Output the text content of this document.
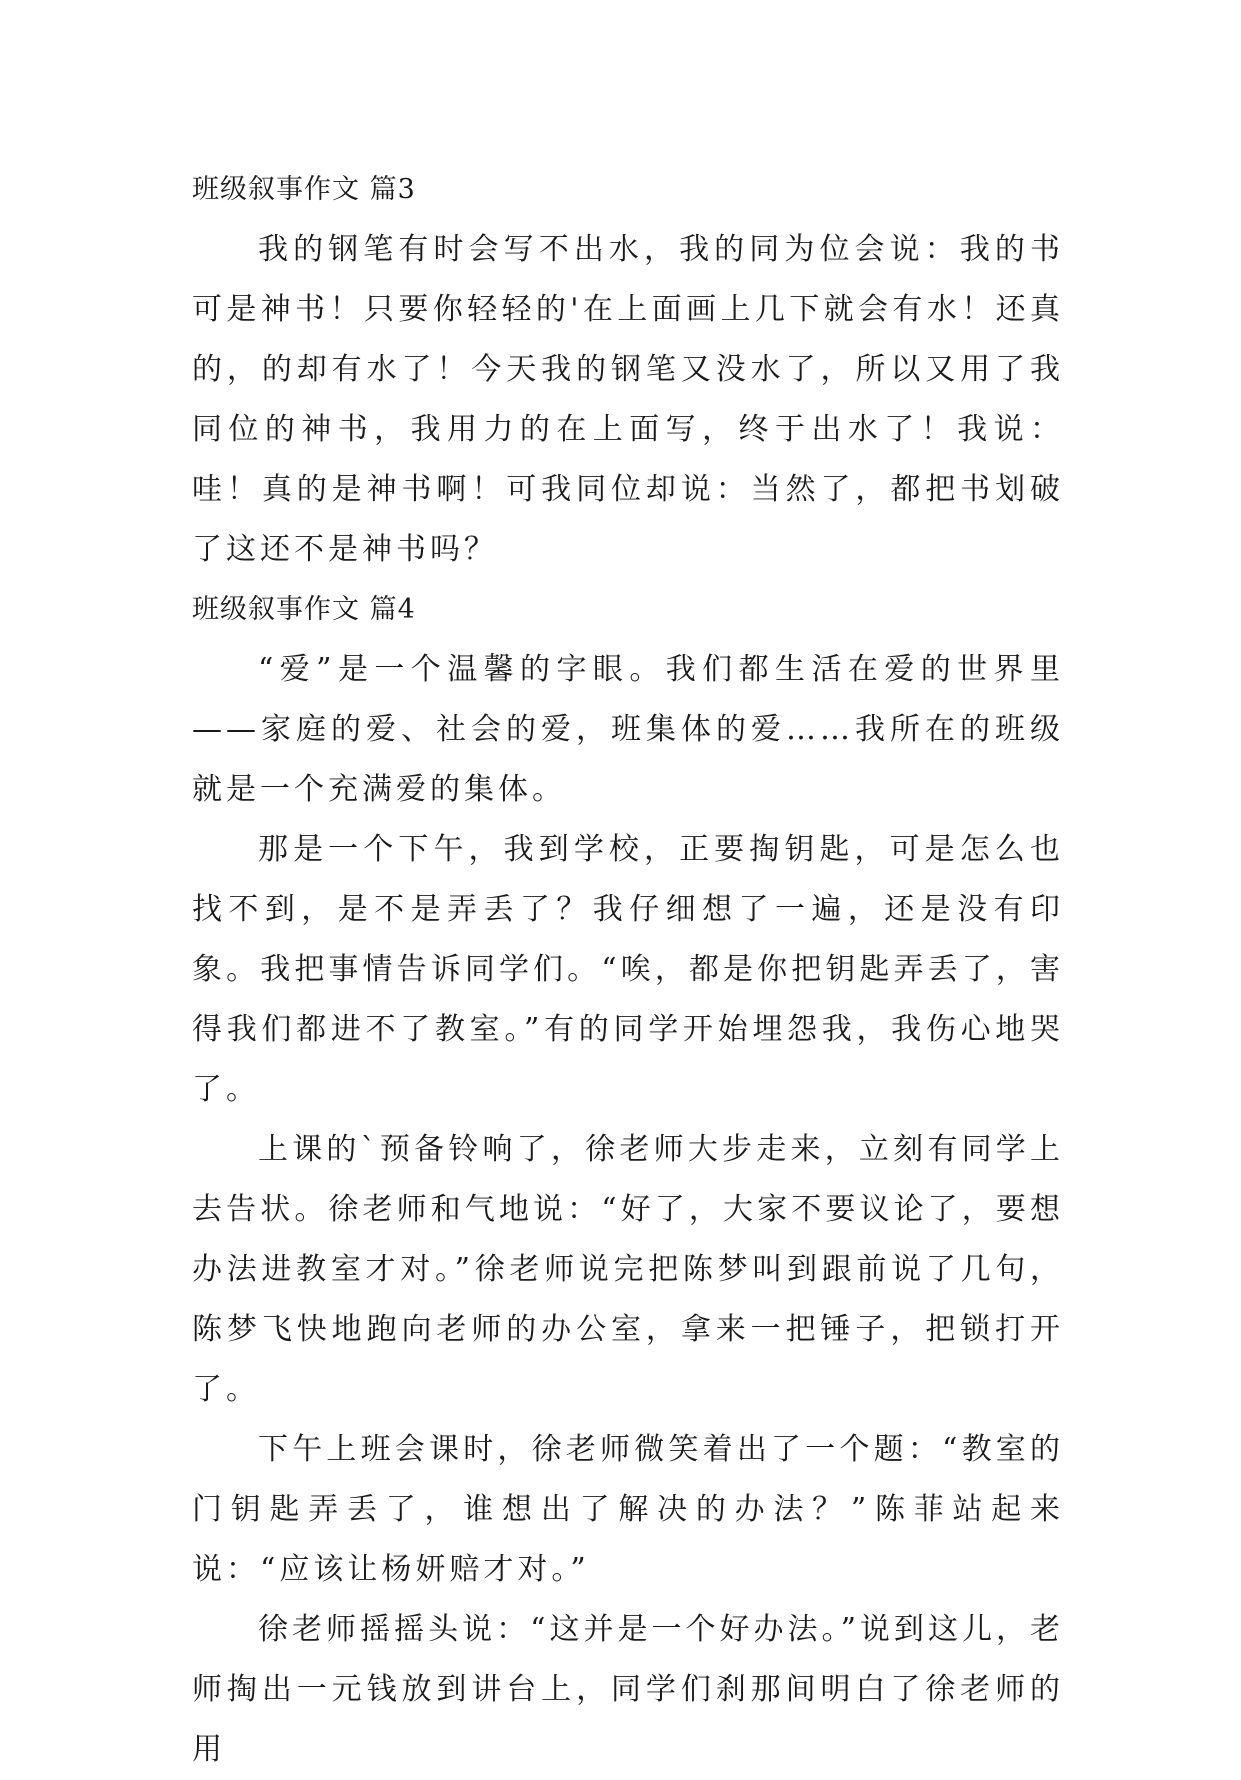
班级叙事作文 篇3

我的钢笔有时会写不出水，我的同为位会说：我的书可是神书！只要你轻轻的'在上面画上几下就会有水！还真的，的却有水了！今天我的钢笔又没水了，所以又用了我同位的神书，我用力的在上面写，终于出水了！我说：哇！真的是神书啊！可我同位却说：当然了，都把书划破了这还不是神书吗？

班级叙事作文 篇4

“爱”是一个温馨的字眼。我们都生活在爱的世界里——家庭的爱、社会的爱，班集体的爱……我所在的班级就是一个充满爱的集体。

那是一个下午，我到学校，正要掏钥匙，可是怎么也找不到，是不是弄丢了？我仔细想了一遍，还是没有印象。我把事情告诉同学们。“唉，都是你把钥匙弄丢了，害得我们都进不了教室。”有的同学开始埋怨我，我伤心地哭了。

上课的`预备铃响了，徐老师大步走来，立刻有同学上去告状。徐老师和气地说：“好了，大家不要议论了，要想办法进教室才对。”徐老师说完把陈梦叫到跟前说了几句，陈梦飞快地跑向老师的办公室，拿来一把锤子，把锁打开了。

下午上班会课时，徐老师微笑着出了一个题：“教室的门钥匙弄丢了，谁想出了解决的办法？”陈菲站起来说：“应该让杨妍赔才对。”

徐老师摇摇头说：“这并是一个好办法。”说到这儿，老师掏出一元钱放到讲台上，同学们刹那间明白了徐老师的用
